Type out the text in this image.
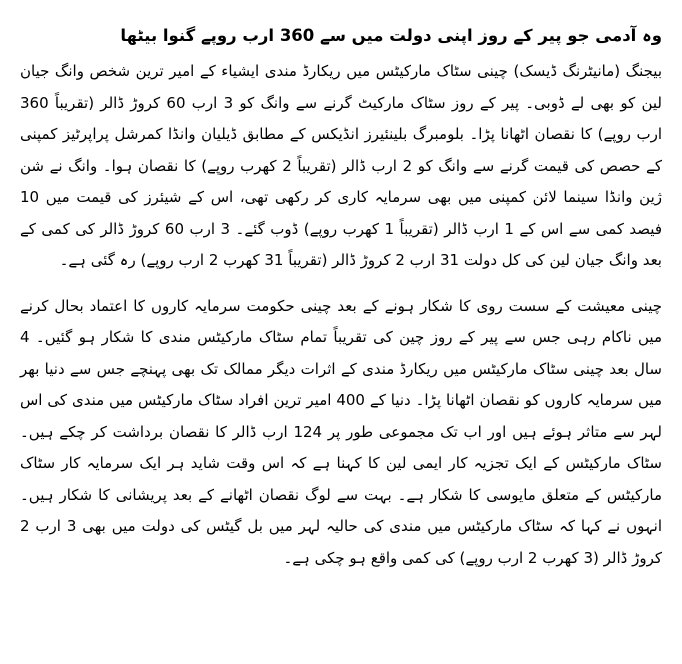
وہ آدمی جو پیر کے روز اپنی دولت میں سے 360 ارب روپے گنوا بیٹھا

بیجنگ (مانیٹرنگ ڈیسک) چینی سٹاک مارکیٹس میں ریکارڈ مندی ایشیاء کے امیر ترین شخص وانگ جیان لین کو بھی لے ڈوبی۔ پیر کے روز سٹاک مارکیٹ گرنے سے وانگ کو 3 ارب 60 کروڑ ڈالر (تقریباً 360 ارب روپے) کا نقصان اٹھانا پڑا۔ بلومبرگ بلینئیرز انڈیکس کے مطابق ڈیلیان وانڈا کمرشل پراپرٹیز کمپنی کے حصص کی قیمت گرنے سے وانگ کو 2 ارب ڈالر (تقریباً 2 کھرب روپے) کا نقصان ہوا۔ وانگ نے شن ژین وانڈا سینما لائن کمپنی میں بھی سرمایہ کاری کر رکھی تھی، اس کے شیئرز کی قیمت میں 10 فیصد کمی سے اس کے 1 ارب ڈالر (تقریباً 1 کھرب روپے) ڈوب گئے۔ 3 ارب 60 کروڑ ڈالر کی کمی کے بعد وانگ جیان لین کی کل دولت 31 ارب 2 کروڑ ڈالر (تقریباً 31 کھرب 2 ارب روپے) رہ گئی ہے۔

چینی معیشت کے سست روی کا شکار ہونے کے بعد چینی حکومت سرمایہ کاروں کا اعتماد بحال کرنے میں ناکام رہی جس سے پیر کے روز چین کی تقریباً تمام سٹاک مارکیٹس مندی کا شکار ہو گئیں۔ 4 سال بعد چینی سٹاک مارکیٹس میں ریکارڈ مندی کے اثرات دیگر ممالک تک بھی پہنچے جس سے دنیا بھر میں سرمایہ کاروں کو نقصان اٹھانا پڑا۔ دنیا کے 400 امیر ترین افراد سٹاک مارکیٹس میں مندی کی اس لہر سے متاثر ہوئے ہیں اور اب تک مجموعی طور پر 124 ارب ڈالر کا نقصان برداشت کر چکے ہیں۔ سٹاک مارکیٹس کے ایک تجزیہ کار ایمی لین کا کہنا ہے کہ اس وقت شاید ہر ایک سرمایہ کار سٹاک مارکیٹس کے متعلق مایوسی کا شکار ہے۔ بہت سے لوگ نقصان اٹھانے کے بعد پریشانی کا شکار ہیں۔ انہوں نے کہا کہ سٹاک مارکیٹس میں مندی کی حالیہ لہر میں بل گیٹس کی دولت میں بھی 3 ارب 2 کروڑ ڈالر (3 کھرب 2 ارب روپے) کی کمی واقع ہو چکی ہے۔
